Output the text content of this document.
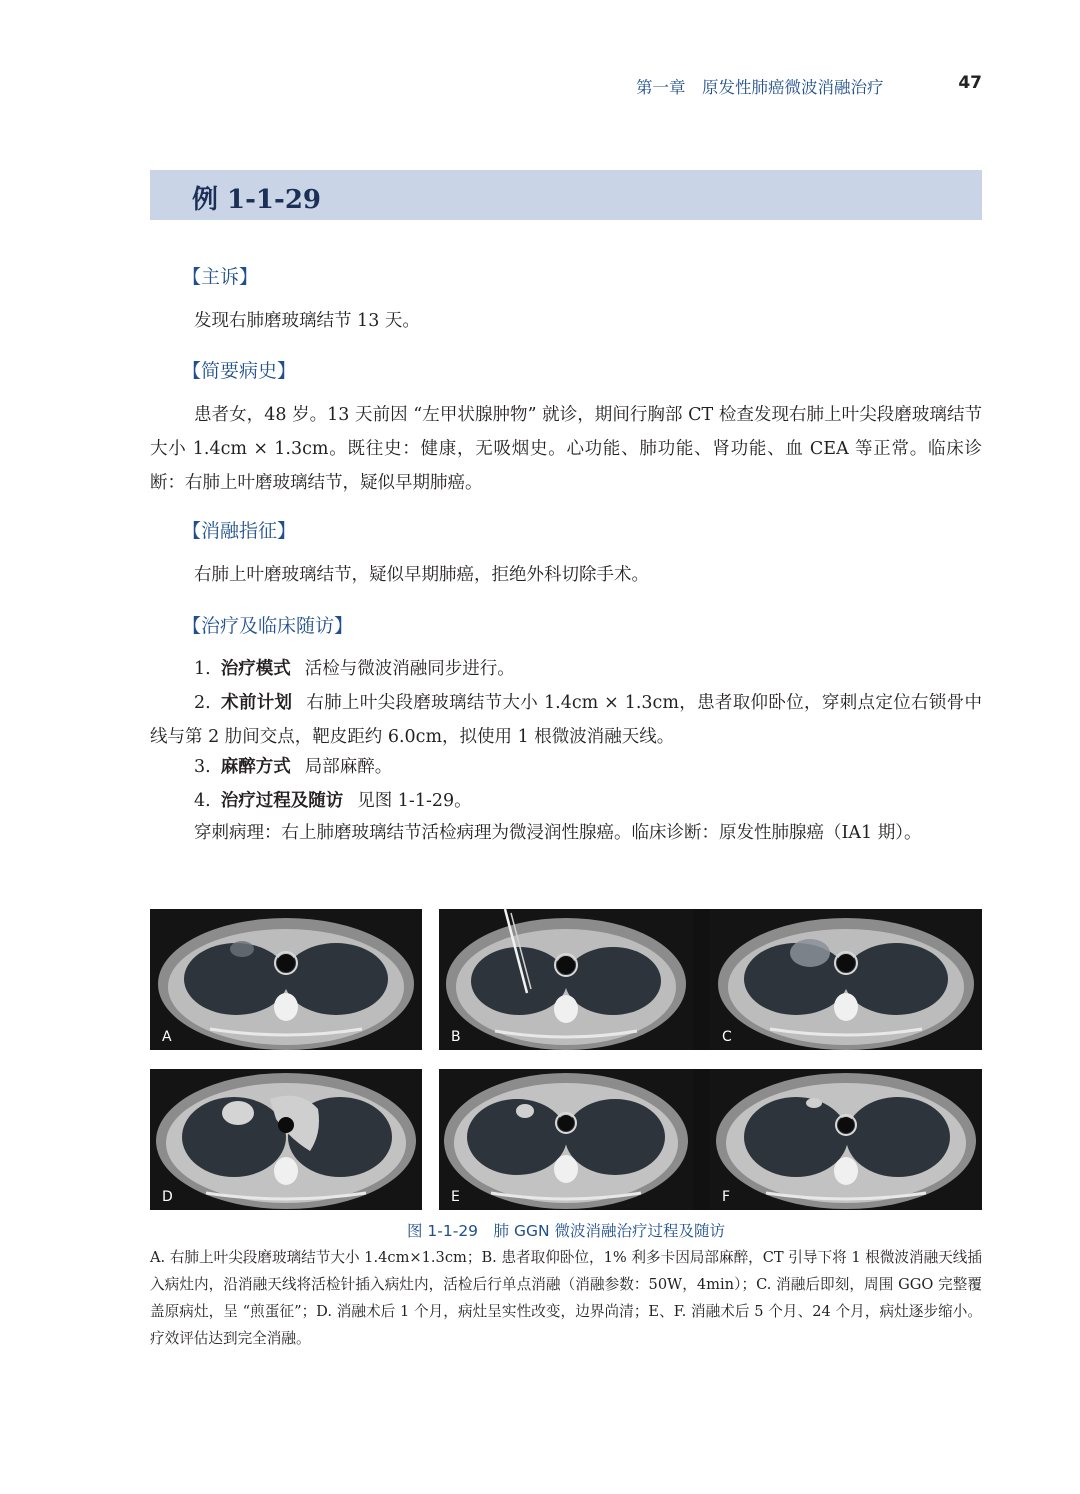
第一章　原发性肺癌微波消融治疗	47
例 1-1-29
【主诉】
发现右肺磨玻璃结节 13 天。
【简要病史】
患者女，48 岁。13 天前因 “左甲状腺肿物” 就诊，期间行胸部 CT 检查发现右肺上叶尖段磨玻璃结节大小 1.4cm × 1.3cm。既往史：健康，无吸烟史。心功能、肺功能、肾功能、血 CEA 等正常。临床诊断：右肺上叶磨玻璃结节，疑似早期肺癌。
【消融指征】
右肺上叶磨玻璃结节，疑似早期肺癌，拒绝外科切除手术。
【治疗及临床随访】
1. 治疗模式 活检与微波消融同步进行。
2. 术前计划 右肺上叶尖段磨玻璃结节大小 1.4cm × 1.3cm，患者取仰卧位，穿刺点定位右锁骨中线与第 2 肋间交点，靶皮距约 6.0cm，拟使用 1 根微波消融天线。
3. 麻醉方式 局部麻醉。
4. 治疗过程及随访 见图 1-1-29。
穿刺病理：右上肺磨玻璃结节活检病理为微浸润性腺癌。临床诊断：原发性肺腺癌（ⅠA1 期）。
A	B	C
D	E	F
图 1-1-29　肺 GGN 微波消融治疗过程及随访
A. 右肺上叶尖段磨玻璃结节大小 1.4cm×1.3cm；B. 患者取仰卧位，1% 利多卡因局部麻醉，CT 引导下将 1 根微波消融天线插入病灶内，沿消融天线将活检针插入病灶内，活检后行单点消融（消融参数：50W，4min）；C. 消融后即刻，周围 GGO 完整覆盖原病灶，呈 “煎蛋征”；D. 消融术后 1 个月，病灶呈实性改变，边界尚清；E、F. 消融术后 5 个月、24 个月，病灶逐步缩小。疗效评估达到完全消融。
